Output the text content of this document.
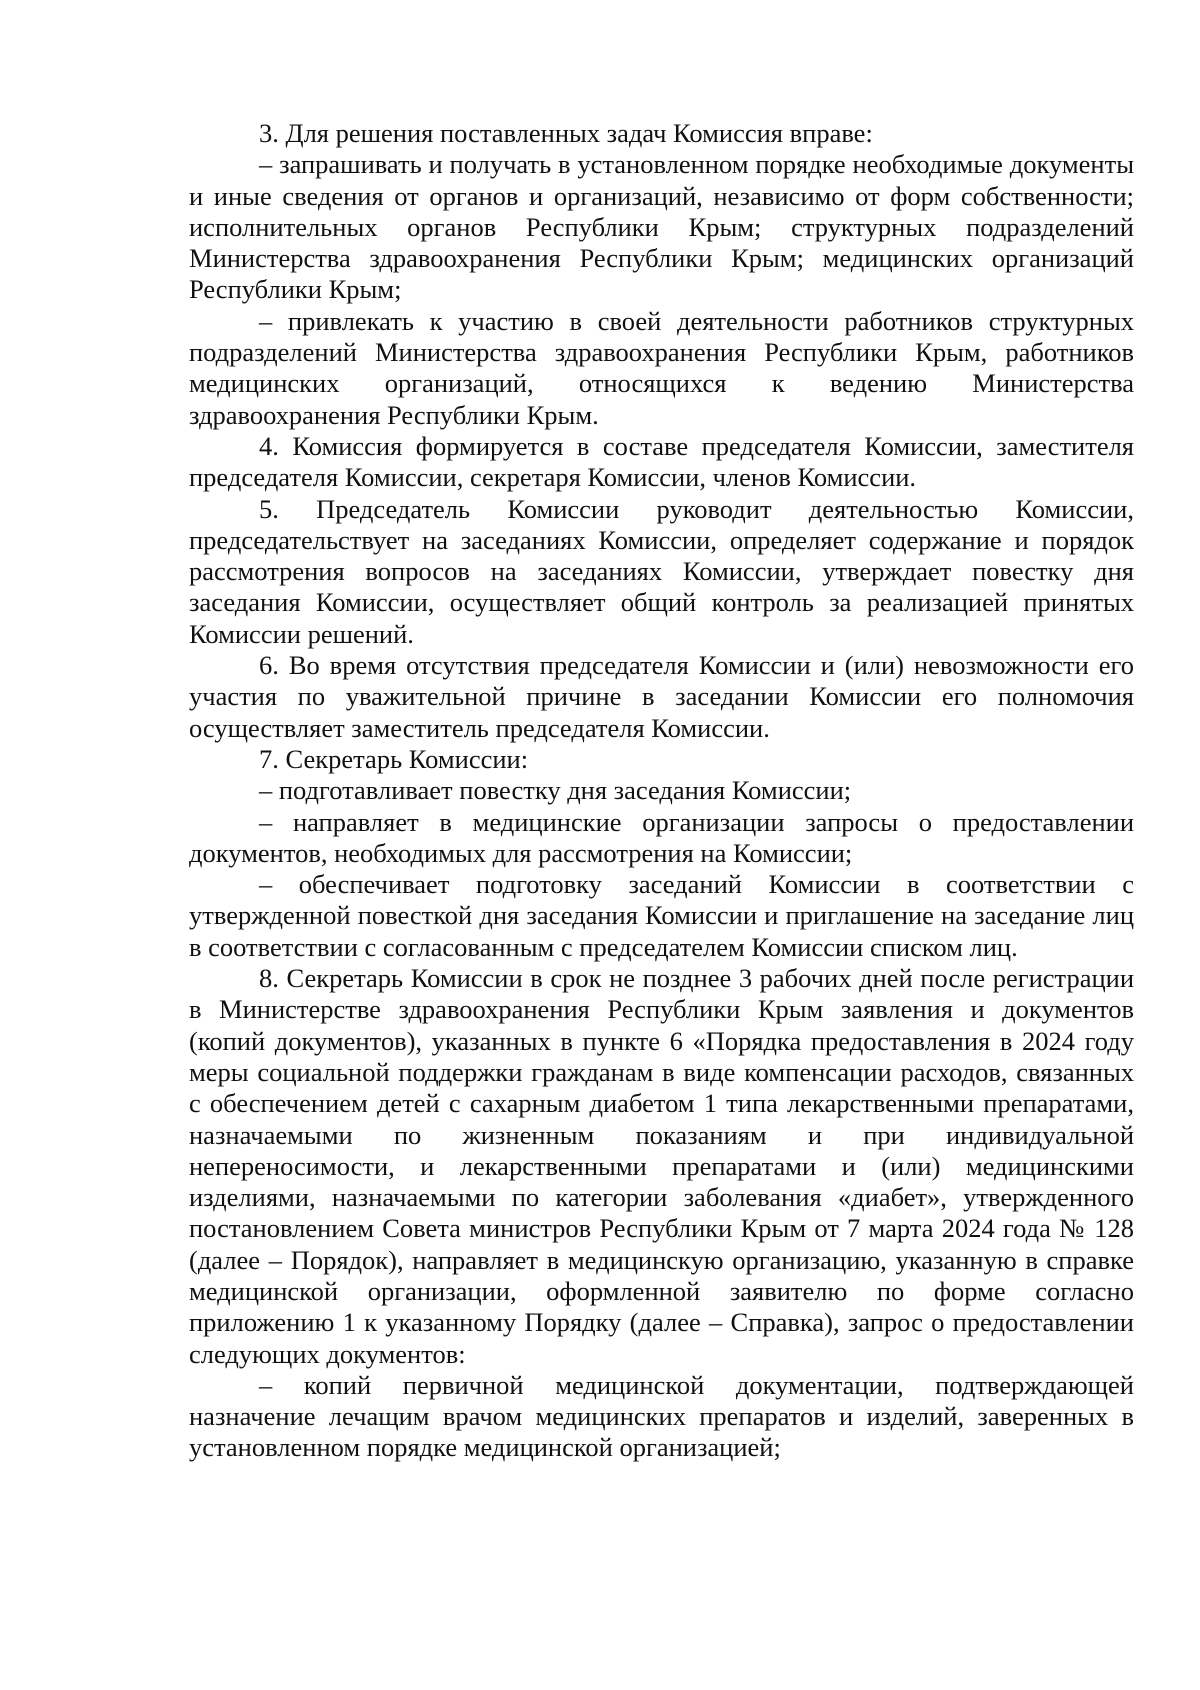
3. Для решения поставленных задач Комиссия вправе:

– запрашивать и получать в установленном порядке необходимые документы и иные сведения от органов и организаций, независимо от форм собственности; исполнительных органов Республики Крым; структурных подразделений Министерства здравоохранения Республики Крым; медицинских организаций Республики Крым;

– привлекать к участию в своей деятельности работников структурных подразделений Министерства здравоохранения Республики Крым, работников медицинских организаций, относящихся к ведению Министерства здравоохранения Республики Крым.

4. Комиссия формируется в составе председателя Комиссии, заместителя председателя Комиссии, секретаря Комиссии, членов Комиссии.

5. Председатель Комиссии руководит деятельностью Комиссии, председательствует на заседаниях Комиссии, определяет содержание и порядок рассмотрения вопросов на заседаниях Комиссии, утверждает повестку дня заседания Комиссии, осуществляет общий контроль за реализацией принятых Комиссии решений.

6. Во время отсутствия председателя Комиссии и (или) невозможности его участия по уважительной причине в заседании Комиссии его полномочия осуществляет заместитель председателя Комиссии.

7. Секретарь Комиссии:

– подготавливает повестку дня заседания Комиссии;

– направляет в медицинские организации запросы о предоставлении документов, необходимых для рассмотрения на Комиссии;

– обеспечивает подготовку заседаний Комиссии в соответствии с утвержденной повесткой дня заседания Комиссии и приглашение на заседание лиц в соответствии с согласованным с председателем Комиссии списком лиц.

8. Секретарь Комиссии в срок не позднее 3 рабочих дней после регистрации в Министерстве здравоохранения Республики Крым заявления и документов (копий документов), указанных в пункте 6 «Порядка предоставления в 2024 году меры социальной поддержки гражданам в виде компенсации расходов, связанных с обеспечением детей с сахарным диабетом 1 типа лекарственными препаратами, назначаемыми по жизненным показаниям и при индивидуальной непереносимости, и лекарственными препаратами и (или) медицинскими изделиями, назначаемыми по категории заболевания «диабет», утвержденного постановлением Совета министров Республики Крым от 7 марта 2024 года № 128 (далее – Порядок), направляет в медицинскую организацию, указанную в справке медицинской организации, оформленной заявителю по форме согласно приложению 1 к указанному Порядку (далее – Справка), запрос о предоставлении следующих документов:

– копий первичной медицинской документации, подтверждающей назначение лечащим врачом медицинских препаратов и изделий, заверенных в установленном порядке медицинской организацией;
